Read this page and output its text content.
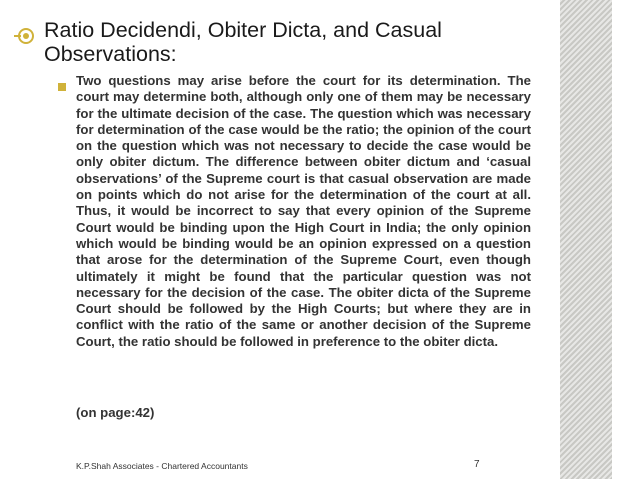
Ratio Decidendi, Obiter Dicta, and Casual
Observations:

Two questions may arise before the court for its determination. The court may determine both, although only one of them may be necessary for the ultimate decision of the case. The question which was necessary for determination of the case would be the ratio; the opinion of the court on the question which was not necessary to decide the case would be only obiter dictum. The difference between obiter dictum and ‘casual observations’ of the Supreme court is that casual observation are made on points which do not arise for the determination of the court at all. Thus, it would be incorrect to say that every opinion of the Supreme Court would be binding upon the High Court in India; the only opinion which would be binding would be an opinion expressed on a question that arose for the determination of the Supreme Court, even though ultimately it might be found that the particular question was not necessary for the decision of the case. The obiter dicta of the Supreme Court should be followed by the High Courts; but where they are in conflict with the ratio of the same or another decision of the Supreme Court, the ratio should be followed in preference to the obiter dicta.

(on page:42)
K.P.Shah Associates - Chartered Accountants	7
